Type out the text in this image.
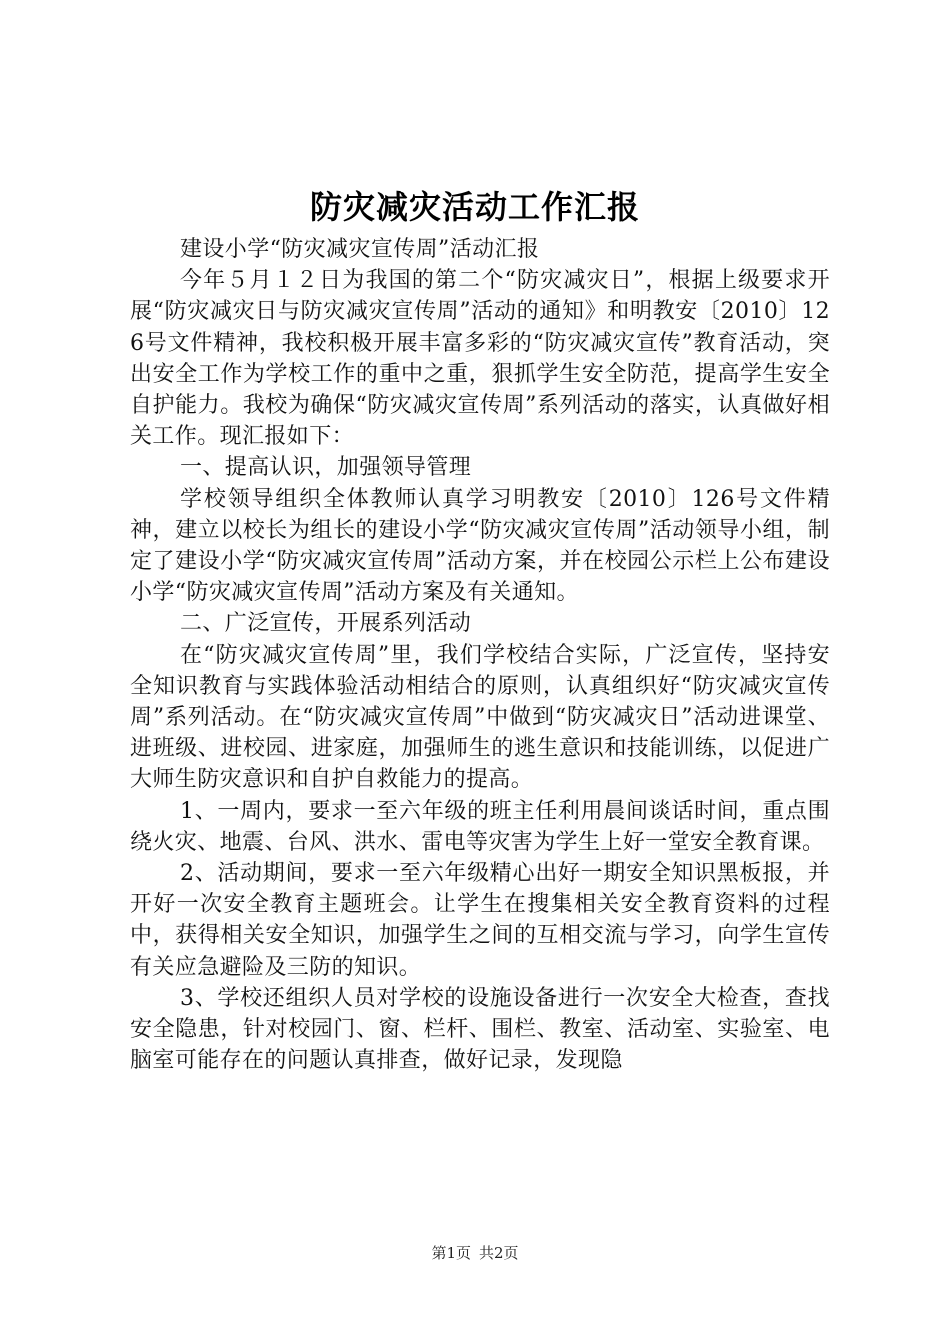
防灾减灾活动工作汇报

建设小学“防灾减灾宣传周”活动汇报

今年５月１２日为我国的第二个“防灾减灾日”，根据上级要求开展“防灾减灾日与防灾减灾宣传周”活动的通知》和明教安〔2010〕126号文件精神，我校积极开展丰富多彩的“防灾减灾宣传”教育活动，突出安全工作为学校工作的重中之重，狠抓学生安全防范，提高学生安全自护能力。我校为确保“防灾减灾宣传周”系列活动的落实，认真做好相关工作。现汇报如下：

一、提高认识，加强领导管理

学校领导组织全体教师认真学习明教安〔2010〕126号文件精神，建立以校长为组长的建设小学“防灾减灾宣传周”活动领导小组，制定了建设小学“防灾减灾宣传周”活动方案，并在校园公示栏上公布建设小学“防灾减灾宣传周”活动方案及有关通知。

二、广泛宣传，开展系列活动

在“防灾减灾宣传周”里，我们学校结合实际，广泛宣传，坚持安全知识教育与实践体验活动相结合的原则，认真组织好“防灾减灾宣传周”系列活动。在“防灾减灾宣传周”中做到“防灾减灾日”活动进课堂、进班级、进校园、进家庭，加强师生的逃生意识和技能训练，以促进广大师生防灾意识和自护自救能力的提高。

1、一周内，要求一至六年级的班主任利用晨间谈话时间，重点围绕火灾、地震、台风、洪水、雷电等灾害为学生上好一堂安全教育课。

2、活动期间，要求一至六年级精心出好一期安全知识黑板报，并开好一次安全教育主题班会。让学生在搜集相关安全教育资料的过程中，获得相关安全知识，加强学生之间的互相交流与学习，向学生宣传有关应急避险及三防的知识。

3、学校还组织人员对学校的设施设备进行一次安全大检查，查找安全隐患，针对校园门、窗、栏杆、围栏、教室、活动室、实验室、电脑室可能存在的问题认真排查，做好记录，发现隐

第1页 共2页
